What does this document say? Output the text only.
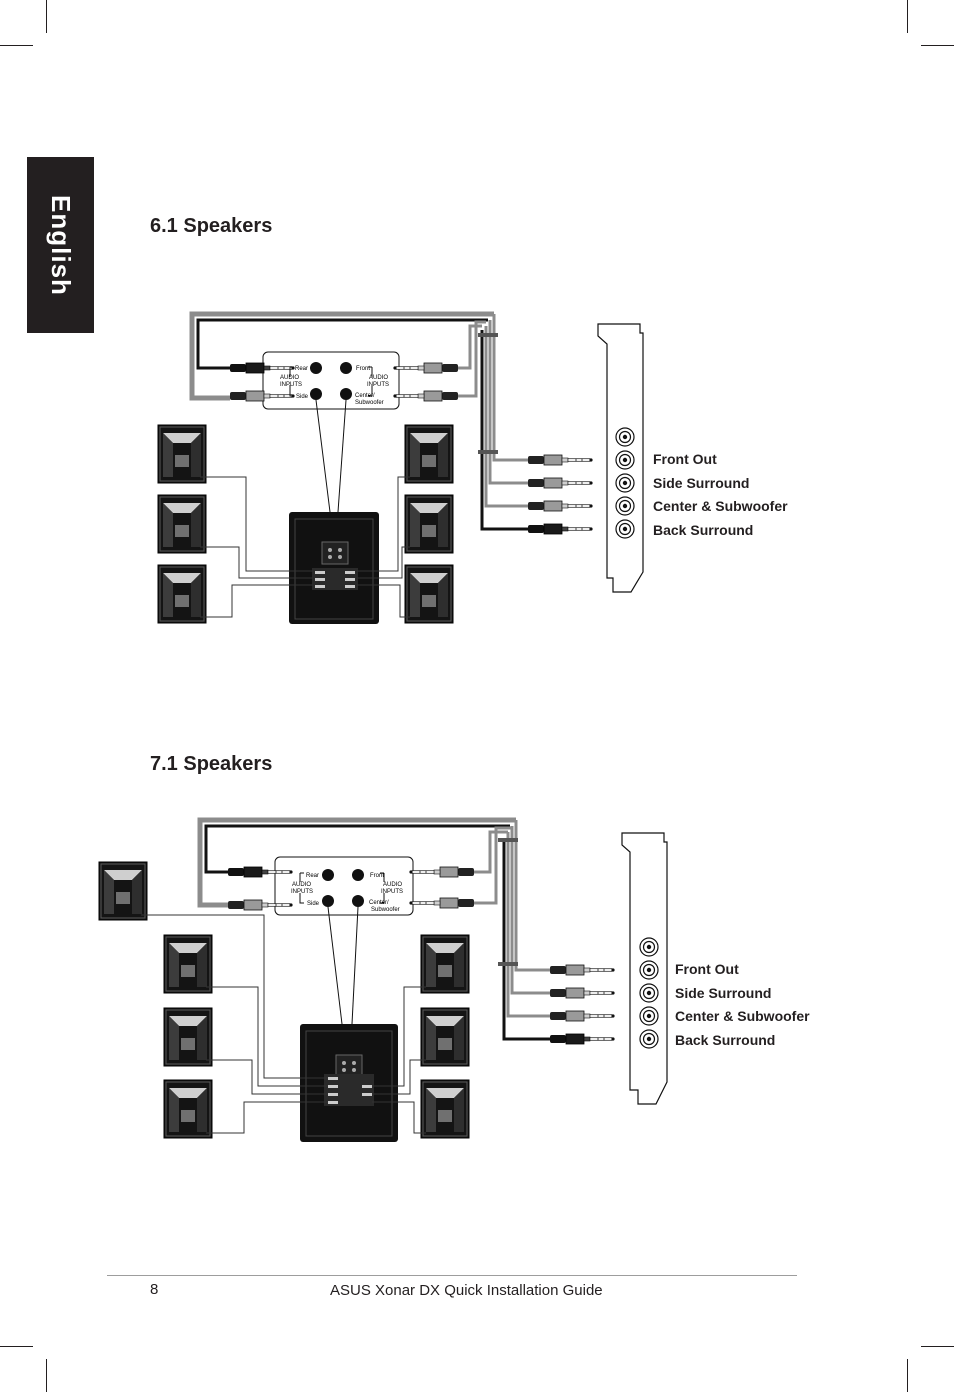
English	6.1 Speakers
7.1 Speakers
Rear
AUDIO
INPUTS
Side
Front
AUDIO
INPUTS
Center/
Subwoofer
Rear
AUDIO
INPUTS
Side
Front
AUDIO
INPUTS
Center/
Subwoofer
Front Out
Side Surround
Center & Subwoofer
Back Surround
Front Out
Side Surround
Center & Subwoofer
Back Surround
8	ASUS Xonar DX Quick Installation Guide
